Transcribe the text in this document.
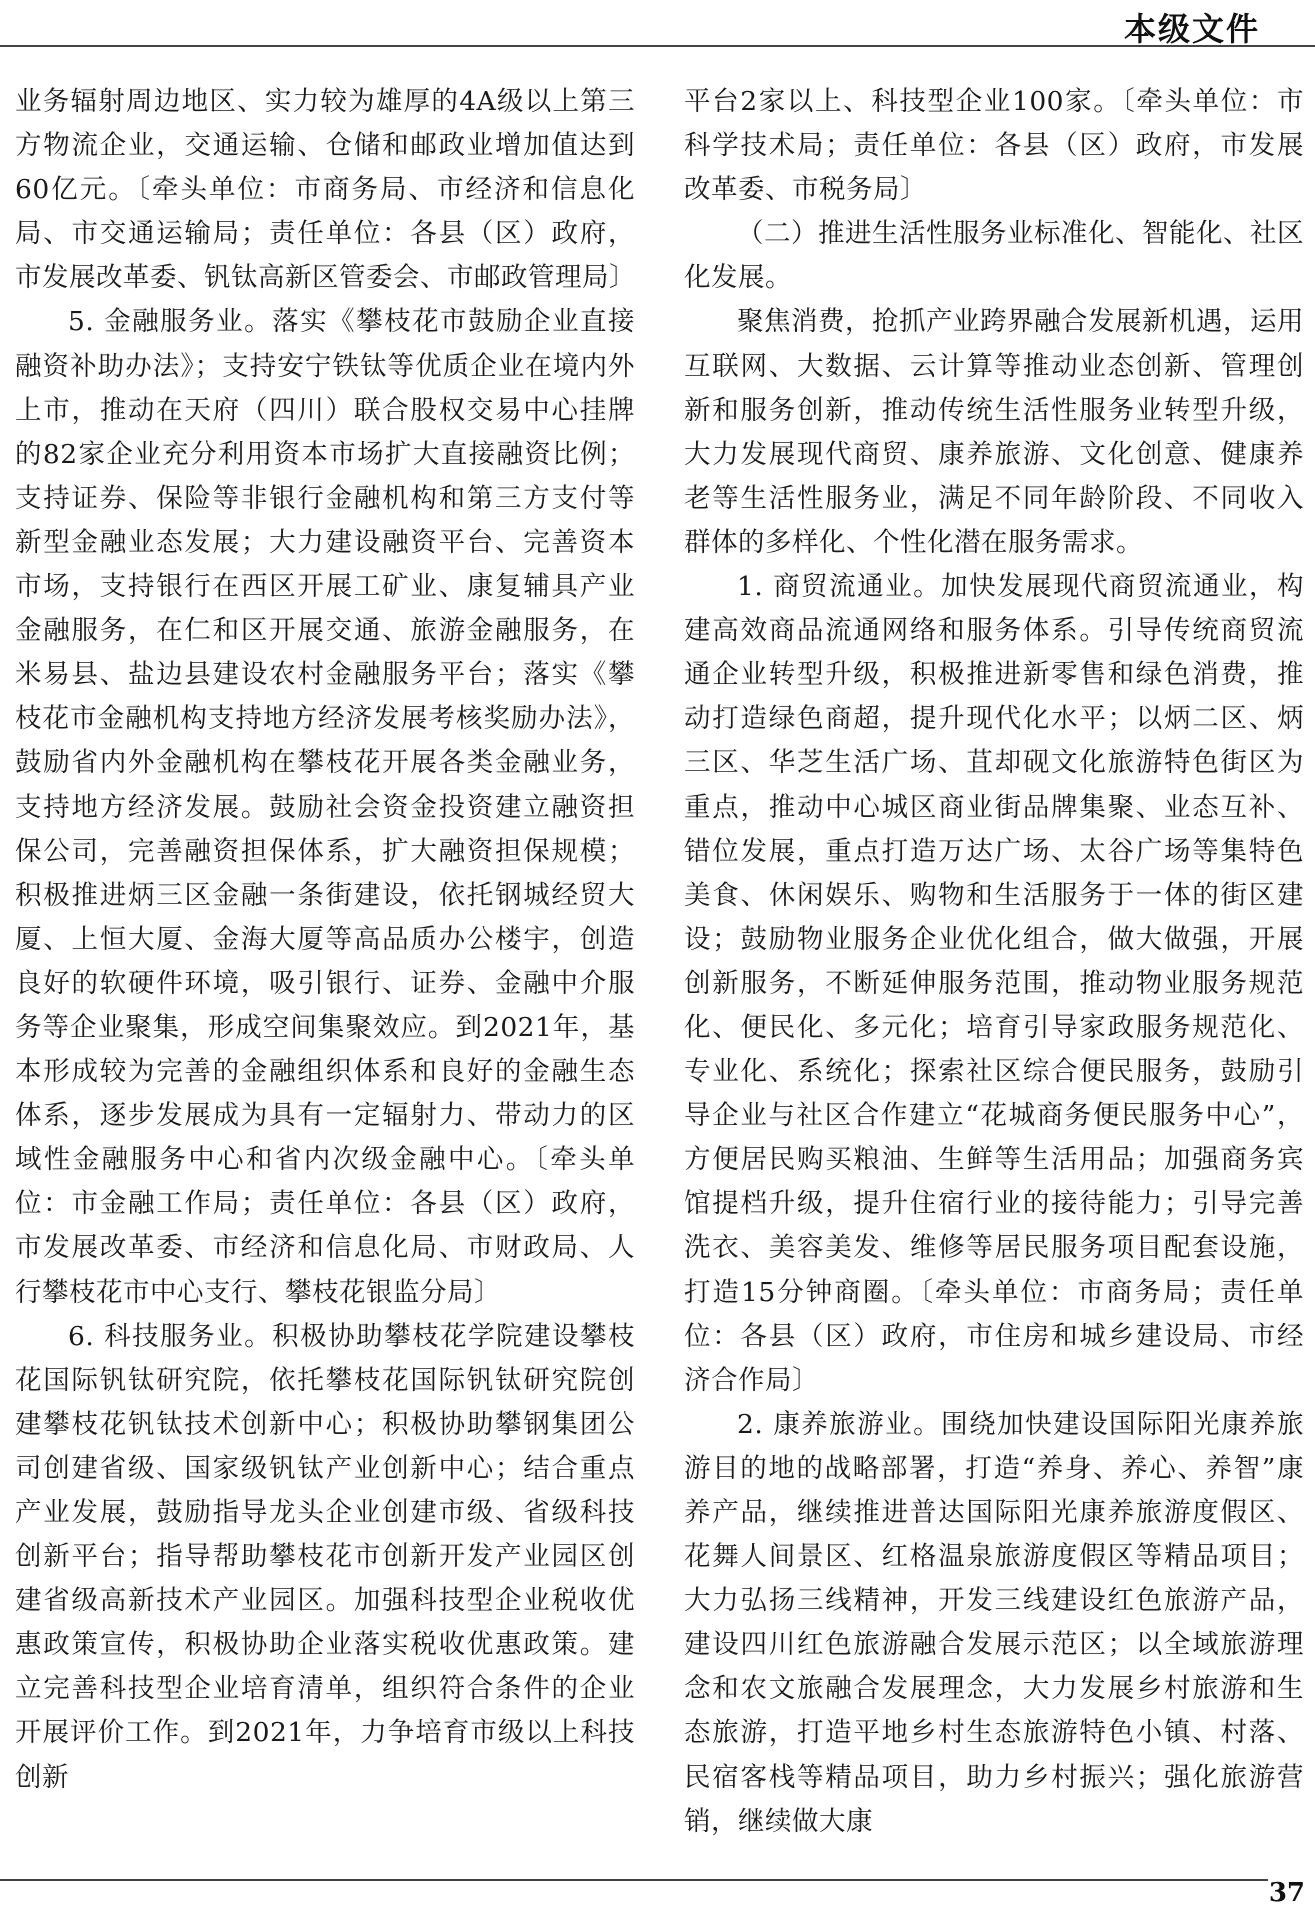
本级文件

业务辐射周边地区、实力较为雄厚的4A级以上第三方物流企业，交通运输、仓储和邮政业增加值达到60亿元。〔牵头单位：市商务局、市经济和信息化局、市交通运输局；责任单位：各县（区）政府，市发展改革委、钒钛高新区管委会、市邮政管理局〕

5. 金融服务业。落实《攀枝花市鼓励企业直接融资补助办法》；支持安宁铁钛等优质企业在境内外上市，推动在天府（四川）联合股权交易中心挂牌的82家企业充分利用资本市场扩大直接融资比例；支持证券、保险等非银行金融机构和第三方支付等新型金融业态发展；大力建设融资平台、完善资本市场，支持银行在西区开展工矿业、康复辅具产业金融服务，在仁和区开展交通、旅游金融服务，在米易县、盐边县建设农村金融服务平台；落实《攀枝花市金融机构支持地方经济发展考核奖励办法》，鼓励省内外金融机构在攀枝花开展各类金融业务，支持地方经济发展。鼓励社会资金投资建立融资担保公司，完善融资担保体系，扩大融资担保规模；积极推进炳三区金融一条街建设，依托钢城经贸大厦、上恒大厦、金海大厦等高品质办公楼宇，创造良好的软硬件环境，吸引银行、证券、金融中介服务等企业聚集，形成空间集聚效应。到2021年，基本形成较为完善的金融组织体系和良好的金融生态体系，逐步发展成为具有一定辐射力、带动力的区域性金融服务中心和省内次级金融中心。〔牵头单位：市金融工作局；责任单位：各县（区）政府，市发展改革委、市经济和信息化局、市财政局、人行攀枝花市中心支行、攀枝花银监分局〕

6. 科技服务业。积极协助攀枝花学院建设攀枝花国际钒钛研究院，依托攀枝花国际钒钛研究院创建攀枝花钒钛技术创新中心；积极协助攀钢集团公司创建省级、国家级钒钛产业创新中心；结合重点产业发展，鼓励指导龙头企业创建市级、省级科技创新平台；指导帮助攀枝花市创新开发产业园区创建省级高新技术产业园区。加强科技型企业税收优惠政策宣传，积极协助企业落实税收优惠政策。建立完善科技型企业培育清单，组织符合条件的企业开展评价工作。到2021年，力争培育市级以上科技创新

平台2家以上、科技型企业100家。〔牵头单位：市科学技术局；责任单位：各县（区）政府，市发展改革委、市税务局〕

（二）推进生活性服务业标准化、智能化、社区化发展。

聚焦消费，抢抓产业跨界融合发展新机遇，运用互联网、大数据、云计算等推动业态创新、管理创新和服务创新，推动传统生活性服务业转型升级，大力发展现代商贸、康养旅游、文化创意、健康养老等生活性服务业，满足不同年龄阶段、不同收入群体的多样化、个性化潜在服务需求。

1. 商贸流通业。加快发展现代商贸流通业，构建高效商品流通网络和服务体系。引导传统商贸流通企业转型升级，积极推进新零售和绿色消费，推动打造绿色商超，提升现代化水平；以炳二区、炳三区、华芝生活广场、苴却砚文化旅游特色街区为重点，推动中心城区商业街品牌集聚、业态互补、错位发展，重点打造万达广场、太谷广场等集特色美食、休闲娱乐、购物和生活服务于一体的街区建设；鼓励物业服务企业优化组合，做大做强，开展创新服务，不断延伸服务范围，推动物业服务规范化、便民化、多元化；培育引导家政服务规范化、专业化、系统化；探索社区综合便民服务，鼓励引导企业与社区合作建立“花城商务便民服务中心”，方便居民购买粮油、生鲜等生活用品；加强商务宾馆提档升级，提升住宿行业的接待能力；引导完善洗衣、美容美发、维修等居民服务项目配套设施，打造15分钟商圈。〔牵头单位：市商务局；责任单位：各县（区）政府，市住房和城乡建设局、市经济合作局〕

2. 康养旅游业。围绕加快建设国际阳光康养旅游目的地的战略部署，打造“养身、养心、养智”康养产品，继续推进普达国际阳光康养旅游度假区、花舞人间景区、红格温泉旅游度假区等精品项目；大力弘扬三线精神，开发三线建设红色旅游产品，建设四川红色旅游融合发展示范区；以全域旅游理念和农文旅融合发展理念，大力发展乡村旅游和生态旅游，打造平地乡村生态旅游特色小镇、村落、民宿客栈等精品项目，助力乡村振兴；强化旅游营销，继续做大康

37
